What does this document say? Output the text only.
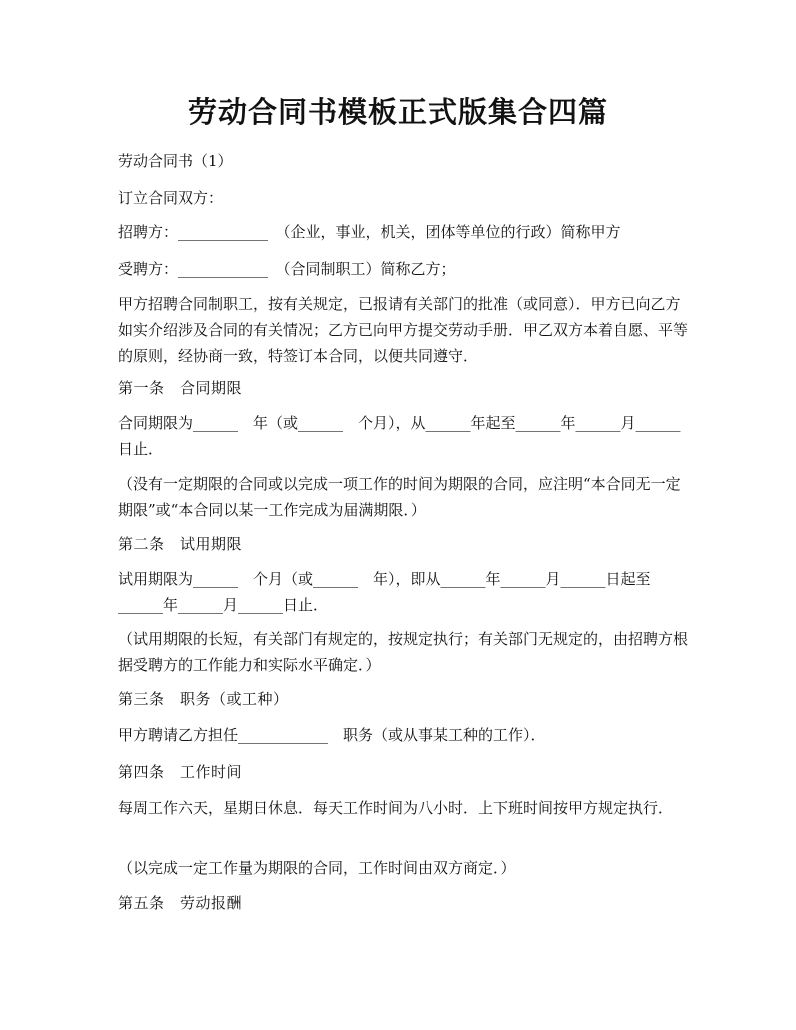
劳动合同书模板正式版集合四篇

劳动合同书（1）

订立合同双方：

招聘方：____________　（企业，事业，机关，团体等单位的行政）简称甲方

受聘方：____________　（合同制职工）简称乙方；

甲方招聘合同制职工，按有关规定，已报请有关部门的批准（或同意）．甲方已向乙方如实介绍涉及合同的有关情况；乙方已向甲方提交劳动手册．甲乙双方本着自愿、平等的原则，经协商一致，特签订本合同，以便共同遵守．

第一条　合同期限

合同期限为______　年（或______　个月），从______年起至______年______月______日止．

（没有一定期限的合同或以完成一项工作的时间为期限的合同，应注明“本合同无一定期限”或“本合同以某一工作完成为届满期限．）

第二条　试用期限

试用期限为______　个月（或______　年），即从______年______月______日起至______年______月______日止．

（试用期限的长短，有关部门有规定的，按规定执行；有关部门无规定的，由招聘方根据受聘方的工作能力和实际水平确定．）

第三条　职务（或工种）

甲方聘请乙方担任____________　职务（或从事某工种的工作）．

第四条　工作时间

每周工作六天，星期日休息．每天工作时间为八小时．上下班时间按甲方规定执行．

（以完成一定工作量为期限的合同，工作时间由双方商定．）

第五条　劳动报酬
